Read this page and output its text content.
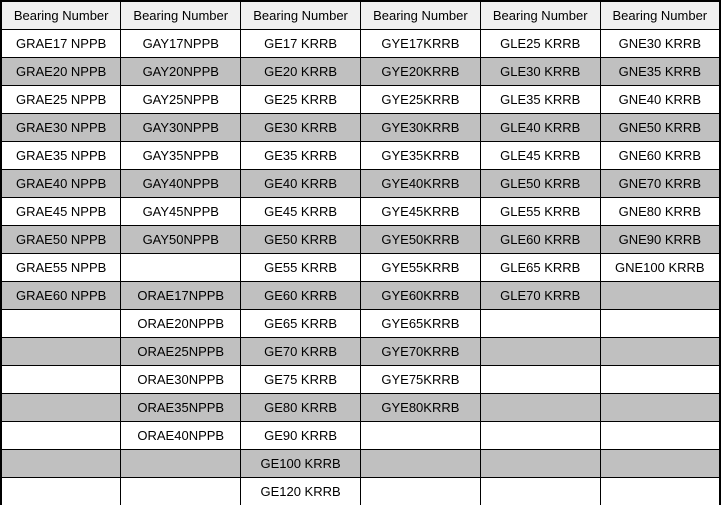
Bearing Number	Bearing Number	Bearing Number	Bearing Number	Bearing Number	Bearing Number
GRAE17 NPPB	GAY17NPPB	GE17 KRRB	GYE17KRRB	GLE25 KRRB	GNE30 KRRB
GRAE20 NPPB	GAY20NPPB	GE20 KRRB	GYE20KRRB	GLE30 KRRB	GNE35 KRRB
GRAE25 NPPB	GAY25NPPB	GE25 KRRB	GYE25KRRB	GLE35 KRRB	GNE40 KRRB
GRAE30 NPPB	GAY30NPPB	GE30 KRRB	GYE30KRRB	GLE40 KRRB	GNE50 KRRB
GRAE35 NPPB	GAY35NPPB	GE35 KRRB	GYE35KRRB	GLE45 KRRB	GNE60 KRRB
GRAE40 NPPB	GAY40NPPB	GE40 KRRB	GYE40KRRB	GLE50 KRRB	GNE70 KRRB
GRAE45 NPPB	GAY45NPPB	GE45 KRRB	GYE45KRRB	GLE55 KRRB	GNE80 KRRB
GRAE50 NPPB	GAY50NPPB	GE50 KRRB	GYE50KRRB	GLE60 KRRB	GNE90 KRRB
GRAE55 NPPB		GE55 KRRB	GYE55KRRB	GLE65 KRRB	GNE100 KRRB
GRAE60 NPPB	ORAE17NPPB	GE60 KRRB	GYE60KRRB	GLE70 KRRB	
	ORAE20NPPB	GE65 KRRB	GYE65KRRB		
	ORAE25NPPB	GE70 KRRB	GYE70KRRB		
	ORAE30NPPB	GE75 KRRB	GYE75KRRB		
	ORAE35NPPB	GE80 KRRB	GYE80KRRB		
	ORAE40NPPB	GE90 KRRB			
		GE100 KRRB			
		GE120 KRRB			
